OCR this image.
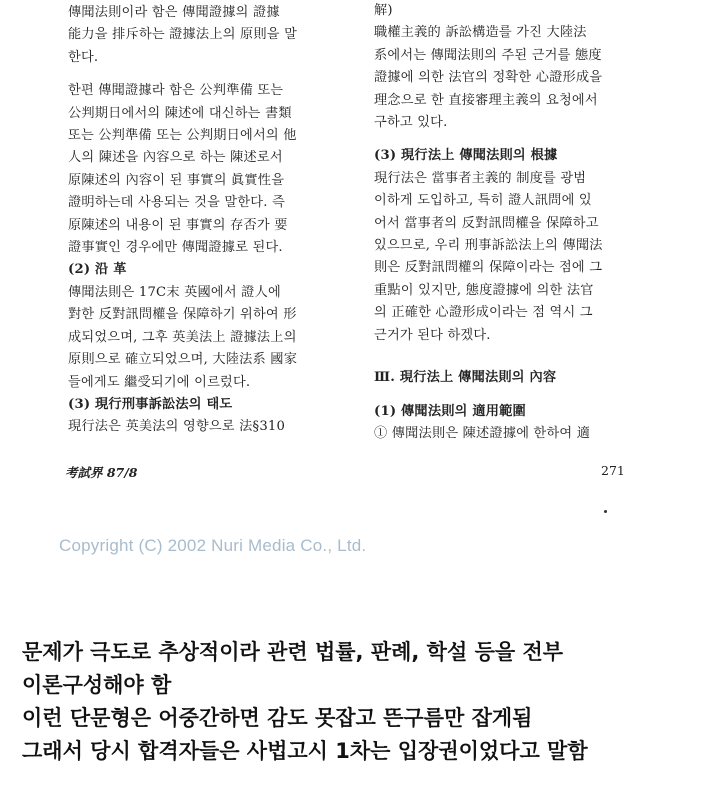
傳聞法則이라 함은 傳聞證據의 證據

能力을 排斥하는 證據法上의 原則을 말

한다.

한편 傳聞證據라 함은 公判準備 또는

公判期日에서의 陳述에 대신하는 書類

또는 公判準備 또는 公判期日에서의 他

人의 陳述을 內容으로 하는 陳述로서

原陳述의 內容이 된 事實의 眞實性을

證明하는데 사용되는 것을 말한다. 즉

原陳述의 내용이 된 事實의 存否가 要

證事實인 경우에만 傳聞證據로 된다.

(2) 沿 革

傳聞法則은 17C末 英國에서 證人에

對한 反對訊問權을 保障하기 위하여 形

成되었으며, 그후 英美法上 證據法上의

原則으로 確立되었으며, 大陸法系 國家

들에게도 繼受되기에 이르렀다.

(3) 現行刑事訴訟法의 태도

現行法은 英美法의 영향으로 法§310

解)

職權主義的 訴訟構造를 가진 大陸法

系에서는 傳聞法則의 주된 근거를 態度

證據에 의한 法官의 정확한 心證形成을

理念으로 한 直接審理主義의 요청에서

구하고 있다.

(3) 現行法上 傳聞法則의 根據

現行法은 當事者主義的 制度를 광범

이하게 도입하고, 특히 證人訊問에 있

어서 當事者의 反對訊問權을 保障하고

있으므로, 우리 刑事訴訟法上의 傳聞法

則은 反對訊問權의 保障이라는 점에 그

重點이 있지만, 態度證據에 의한 法官

의 正確한 心證形成이라는 점 역시 그

근거가 된다 하겠다.

Ⅲ. 現行法上 傳聞法則의 內容

(1) 傳聞法則의 適用範圍

① 傳聞法則은 陳述證據에 한하여 適

考試界 87/8	271
Copyright (C) 2002 Nuri Media Co., Ltd.

문제가 극도로 추상적이라 관련 법률, 판례, 학설 등을 전부

이론구성해야 함

이런 단문형은 어중간하면 감도 못잡고 뜬구름만 잡게됨

그래서 당시 합격자들은 사법고시 1차는 입장권이었다고 말함
